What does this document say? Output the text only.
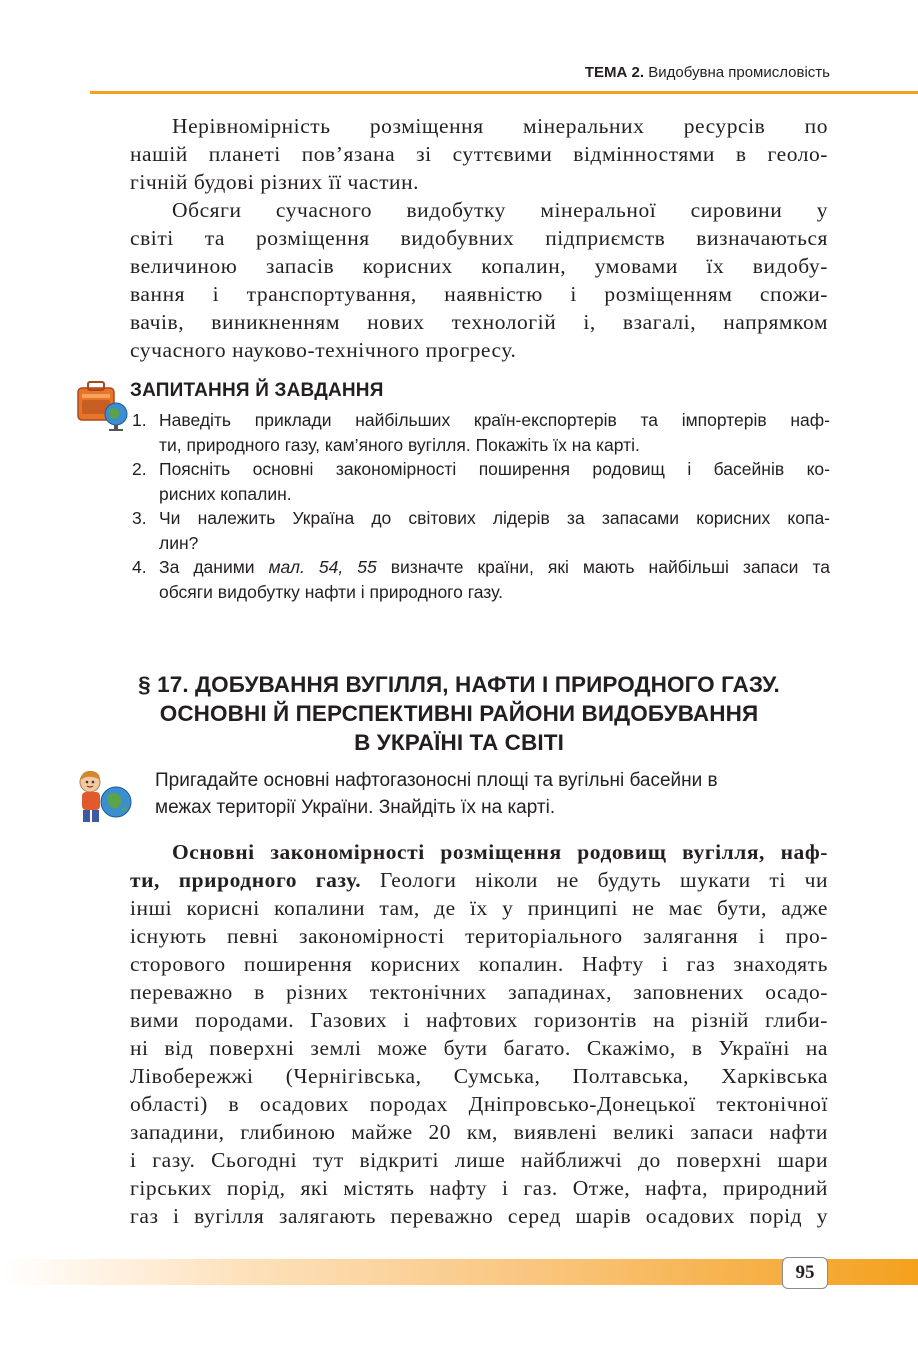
ТЕМА 2. Видобувна промисловість
Нерівномірність розміщення мінеральних ресурсів по
нашій планеті пов’язана зі суттєвими відмінностями в геоло-
гічній будові різних її частин.
Обсяги сучасного видобутку мінеральної сировини у
світі та розміщення видобувних підприємств визначаються
величиною запасів корисних копалин, умовами їх видобу-
вання і транспортування, наявністю і розміщенням спожи-
вачів, виникненням нових технологій і, взагалі, напрямком
сучасного науково-технічного прогресу.
ЗАПИТАННЯ Й ЗАВДАННЯ
1. Наведіть приклади найбільших країн-експортерів та імпортерів наф-
ти, природного газу, кам’яного вугілля. Покажіть їх на карті.
2. Поясніть основні закономірності поширення родовищ і басейнів ко-
рисних копалин.
3. Чи належить Україна до світових лідерів за запасами корисних копа-
лин?
4. За даними мал. 54, 55 визначте країни, які мають найбільші запаси та
обсяги видобутку нафти і природного газу.
§ 17. ДОБУВАННЯ ВУГІЛЛЯ, НАФТИ І ПРИРОДНОГО ГАЗУ.
ОСНОВНІ Й ПЕРСПЕКТИВНІ РАЙОНИ ВИДОБУВАННЯ
В УКРАЇНІ ТА СВІТІ
Пригадайте основні нафтогазоносні площі та вугільні басейни в
межах території України. Знайдіть їх на карті.
Основні закономірності розміщення родовищ вугілля, наф-
ти, природного газу. Геологи ніколи не будуть шукати ті чи
інші корисні копалини там, де їх у принципі не має бути, адже
існують певні закономірності територіального залягання і про-
сторового поширення корисних копалин. Нафту і газ знаходять
переважно в різних тектонічних западинах, заповнених осадо-
вими породами. Газових і нафтових горизонтів на різній глиби-
ні від поверхні землі може бути багато. Скажімо, в Україні на
Лівобережжі (Чернігівська, Сумська, Полтавська, Харківська
області) в осадових породах Дніпровсько-Донецької тектонічної
западини, глибиною майже 20 км, виявлені великі запаси нафти
і газу. Сьогодні тут відкриті лише найближчі до поверхні шари
гірських порід, які містять нафту і газ. Отже, нафта, природний
газ і вугілля залягають переважно серед шарів осадових порід у
95
